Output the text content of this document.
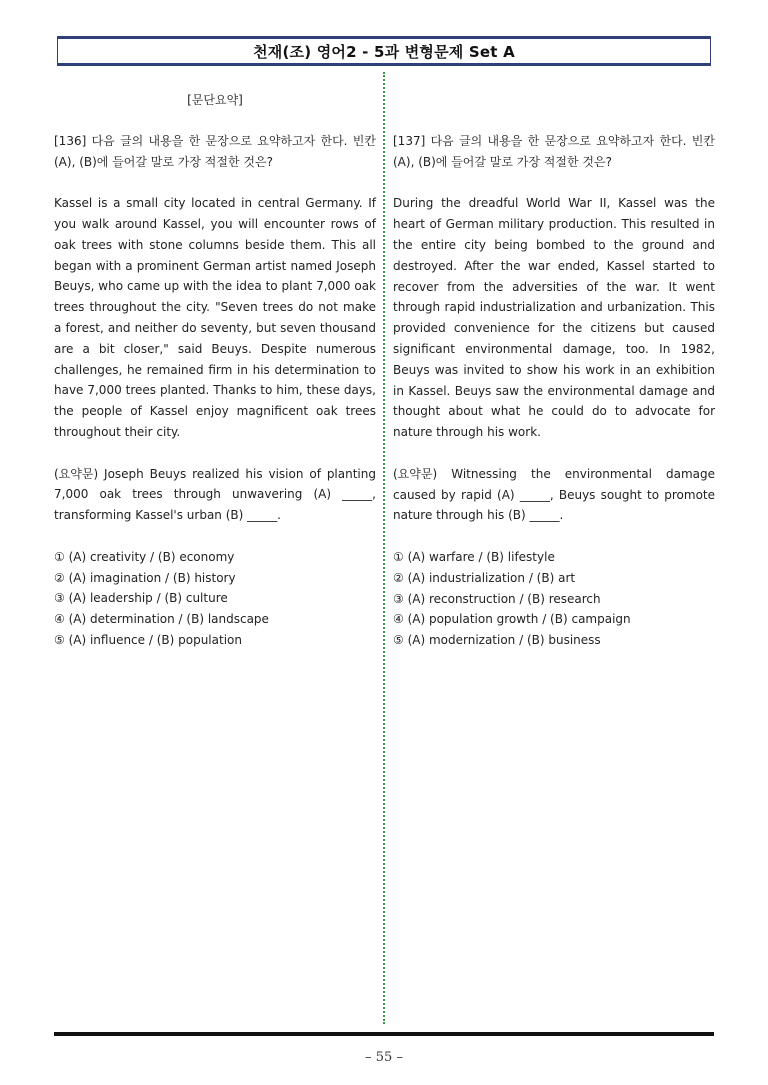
천재(조) 영어2 - 5과 변형문제 Set A
[문단요약]

[136] 다음 글의 내용을 한 문장으로 요약하고자 한다. 빈칸 (A), (B)에 들어갈 말로 가장 적절한 것은?

Kassel is a small city located in central Germany. If you walk around Kassel, you will encounter rows of oak trees with stone columns beside them. This all began with a prominent German artist named Joseph Beuys, who came up with the idea to plant 7,000 oak trees throughout the city. "Seven trees do not make a forest, and neither do seventy, but seven thousand are a bit closer," said Beuys. Despite numerous challenges, he remained firm in his determination to have 7,000 trees planted. Thanks to him, these days, the people of Kassel enjoy magnificent oak trees throughout their city.

(요약문) Joseph Beuys realized his vision of planting 7,000 oak trees through unwavering (A) _____, transforming Kassel's urban (B) _____.

① (A) creativity / (B) economy
② (A) imagination / (B) history
③ (A) leadership / (B) culture
④ (A) determination / (B) landscape
⑤ (A) influence / (B) population

[137] 다음 글의 내용을 한 문장으로 요약하고자 한다. 빈칸 (A), (B)에 들어갈 말로 가장 적절한 것은?

During the dreadful World War II, Kassel was the heart of German military production. This resulted in the entire city being bombed to the ground and destroyed. After the war ended, Kassel started to recover from the adversities of the war. It went through rapid industrialization and urbanization. This provided convenience for the citizens but caused significant environmental damage, too. In 1982, Beuys was invited to show his work in an exhibition in Kassel. Beuys saw the environmental damage and thought about what he could do to advocate for nature through his work.

(요약문) Witnessing the environmental damage caused by rapid (A) _____, Beuys sought to promote nature through his (B) _____.

① (A) warfare / (B) lifestyle
② (A) industrialization / (B) art
③ (A) reconstruction / (B) research
④ (A) population growth / (B) campaign
⑤ (A) modernization / (B) business
– 55 –
